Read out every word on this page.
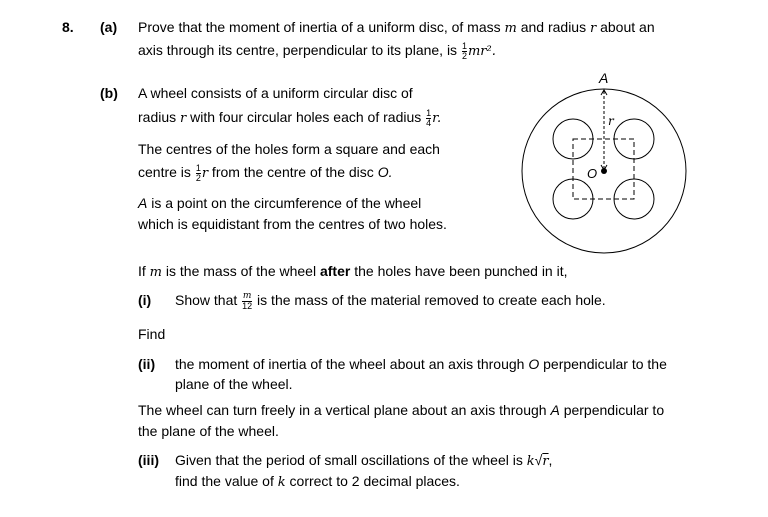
8. (a) Prove that the moment of inertia of a uniform disc, of mass m and radius r about an
axis through its centre, perpendicular to its plane, is $\frac{1}{2} mr^2$.
(b) A wheel consists of a uniform circular disc of
radius r with four circular holes each of radius $\frac{1}{4} r$.
The centres of the holes form a square and each
centre is $\frac{1}{2}$ r from the centre of the disc O.
A is a point on the circumference of the wheel
which is equidistant from the centres of two holes.
If m is the mass of the wheel after the holes have been punched in it,
(i) Show that $\frac{m}{12}$ is the mass of the material removed to create each hole.
Find
(ii) the moment of inertia of the wheel about an axis through O perpendicular to the
plane of the wheel.
The wheel can turn freely in a vertical plane about an axis through A perpendicular to
the plane of the wheel.
(iii) Given that the period of small oscillations of the wheel is k√r,
find the value of k correct to 2 decimal places.
A
O
r
